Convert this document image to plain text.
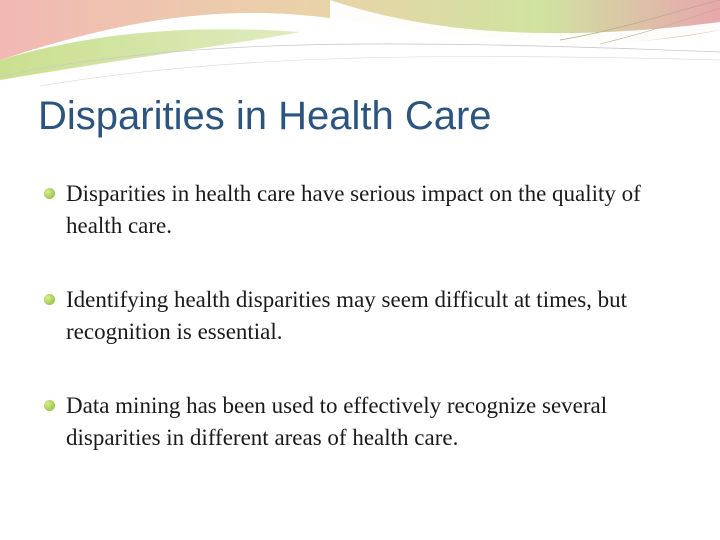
Disparities in Health Care
Disparities in health care have serious impact on the quality of health care.
Identifying health disparities may seem difficult at times, but recognition is essential.
Data mining has been used to effectively recognize several disparities in different areas of health care.
